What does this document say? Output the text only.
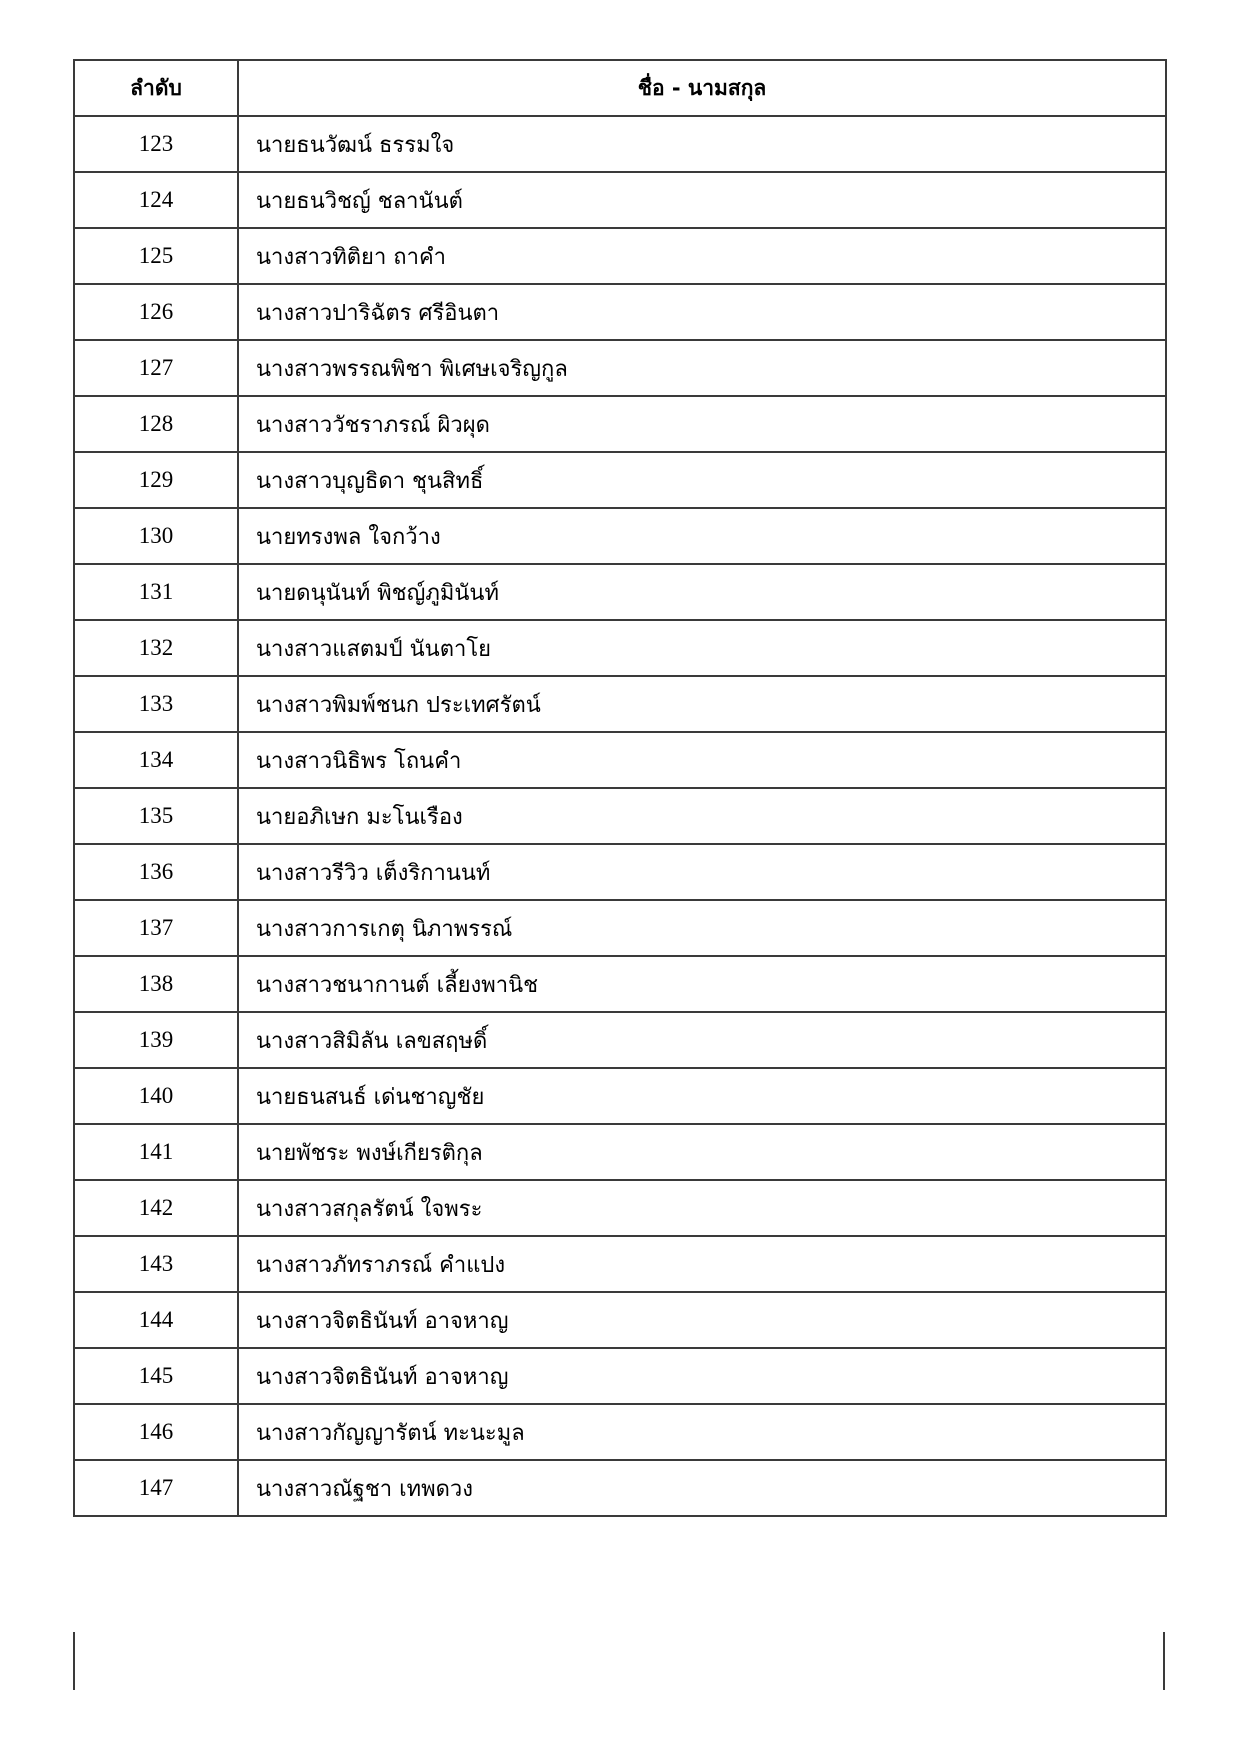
ลำดับ	ชื่อ - นามสกุล
123	นายธนวัฒน์ ธรรมใจ
124	นายธนวิชญ์ ชลานันต์
125	นางสาวทิติยา ถาคำ
126	นางสาวปาริฉัตร ศรีอินตา
127	นางสาวพรรณพิชา พิเศษเจริญกูล
128	นางสาววัชราภรณ์ ผิวผุด
129	นางสาวบุญธิดา ชุนสิทธิ์
130	นายทรงพล ใจกว้าง
131	นายดนุนันท์ พิชญ์ภูมินันท์
132	นางสาวแสตมป์ นันตาโย
133	นางสาวพิมพ์ชนก ประเทศรัตน์
134	นางสาวนิธิพร โถนคำ
135	นายอภิเษก มะโนเรือง
136	นางสาวรีวิว เต็งริกานนท์
137	นางสาวการเกตุ นิภาพรรณ์
138	นางสาวชนากานต์ เลี้ยงพานิช
139	นางสาวสิมิลัน เลขสฤษดิ์
140	นายธนสนธ์ เด่นชาญชัย
141	นายพัชระ พงษ์เกียรติกุล
142	นางสาวสกุลรัตน์ ใจพระ
143	นางสาวภัทราภรณ์ คำแปง
144	นางสาวจิตธินันท์ อาจหาญ
145	นางสาวจิตธินันท์ อาจหาญ
146	นางสาวกัญญารัตน์ ทะนะมูล
147	นางสาวณัฐชา เทพดวง
